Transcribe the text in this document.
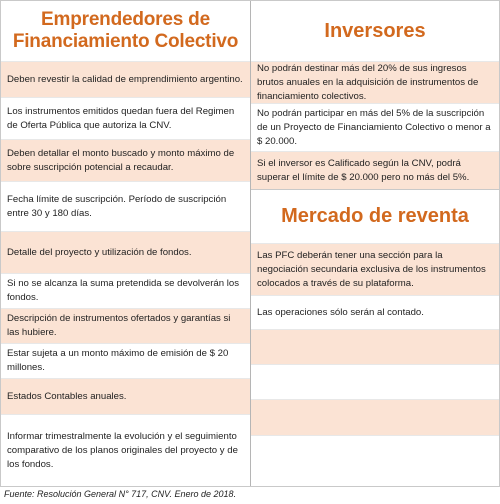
Emprendedores de Financiamiento Colectivo
Deben revestir la calidad de emprendimiento argentino.
Los instrumentos emitidos quedan fuera del Regimen de Oferta Pública que autoriza la CNV.
Deben detallar el monto buscado y monto máximo de sobre suscripción potencial a recaudar.
Fecha límite de suscripción. Período de suscripción entre 30 y 180 días.
Detalle del proyecto y utilización de fondos.
Si no se alcanza la suma pretendida se devolverán los fondos.
Descripción de instrumentos ofertados y garantías si las hubiere.
Estar sujeta a un monto máximo de emisión de $ 20 millones.
Estados Contables anuales.
Informar trimestralmente la evolución y el seguimiento comparativo de los planos originales del proyecto y de los fondos.
Inversores
No podrán destinar más del 20% de sus ingresos brutos anuales en la adquisición de instrumentos de financiamiento colectivos.
No podrán participar en más del 5% de la suscripción de un Proyecto de Financiamiento Colectivo o menor a $ 20.000.
Si el inversor es Calificado según la CNV, podrá superar el límite de $ 20.000 pero no más del 5%.
Mercado de reventa
Las PFC deberán tener una sección para la negociación secundaria exclusiva de los instrumentos colocados a través de su plataforma.
Las operaciones sólo serán al contado.
Fuente: Resolución General N° 717, CNV. Enero de 2018.
